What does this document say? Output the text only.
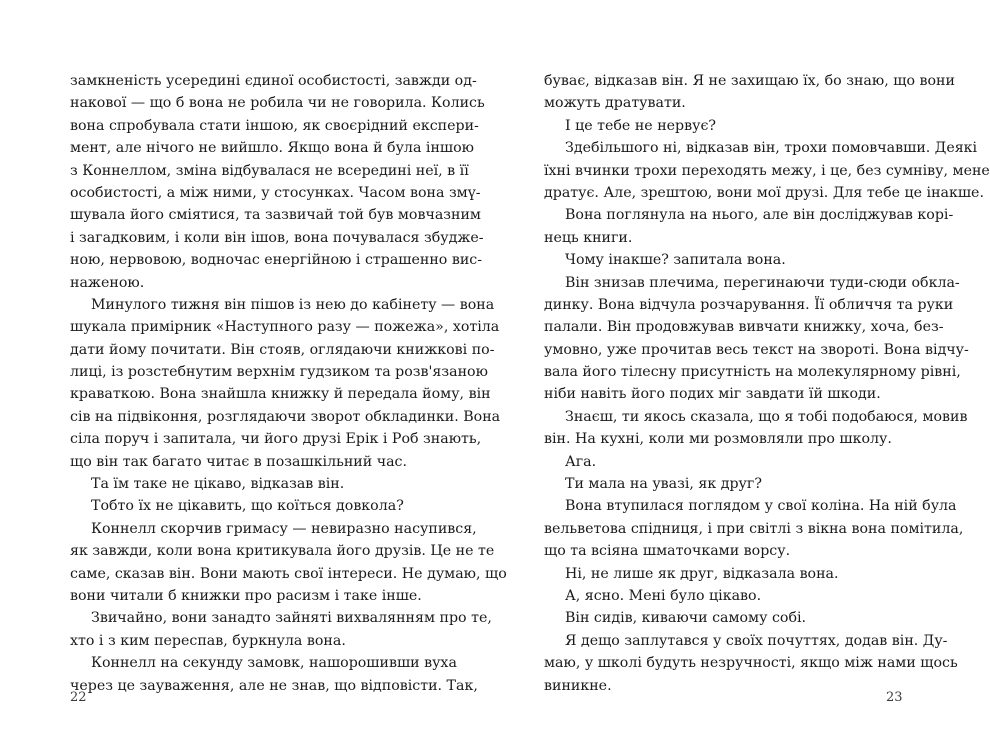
замкненість усередині єдиної особистості, завжди од-
накової — що б вона не робила чи не говорила. Колись
вона спробувала стати іншою, як своєрідний експери-
мент, але нічого не вийшло. Якщо вона й була іншою
з Коннеллом, зміна відбувалася не всередині неї, в її
особистості, а між ними, у стосунках. Часом вона змү-
шувала його сміятися, та зазвичай той був мовчазним
і загадковим, і коли він ішов, вона почувалася збудже-
ною, нервовою, водночас енергійною і страшенно вис-
наженою.
Минулого тижня він пішов із нею до кабінету — вона
шукала примірник «Наступного разу — пожежа», хотіла
дати йому почитати. Він стояв, оглядаючи книжкові по-
лиці, із розстебнутим верхнім гудзиком та розв'язаною
краваткою. Вона знайшла книжку й передала йому, він
сів на підвіконня, розглядаючи зворот обкладинки. Вона
сіла поруч і запитала, чи його друзі Ерік і Роб знають,
що він так багато читає в позашкільний час.
Та їм таке не цікаво, відказав він.
Тобто їх не цікавить, що коїться довкола?
Коннелл скорчив гримасу — невиразно насупився,
як завжди, коли вона критикувала його друзів. Це не те
саме, сказав він. Вони мають свої інтереси. Не думаю, що
вони читали б книжки про расизм і таке інше.
Звичайно, вони занадто зайняті вихвалянням про те,
хто і з ким переспав, буркнула вона.
Коннелл на секунду замовк, нашорошивши вуха
через це зауваження, але не знав, що відповісти. Так,
буває, відказав він. Я не захищаю їх, бо знаю, що вони
можуть дратувати.
І це тебе не нервує?
Здебільшого ні, відказав він, трохи помовчавши. Деякі
їхні вчинки трохи переходять межу, і це, без сумніву, мене
дратує. Але, зрештою, вони мої друзі. Для тебе це інакше.
Вона поглянула на нього, але він досліджував корі-
нець книги.
Чому інакше? запитала вона.
Він знизав плечима, перегинаючи туди-сюди обкла-
динку. Вона відчула розчарування. Її обличчя та руки
палали. Він продовжував вивчати книжку, хоча, без-
умовно, уже прочитав весь текст на звороті. Вона відчу-
вала його тілесну присутність на молекулярному рівні,
ніби навіть його подих міг завдати їй шкоди.
Знаєш, ти якось сказала, що я тобі подобаюся, мовив
він. На кухні, коли ми розмовляли про школу.
Ага.
Ти мала на увазі, як друг?
Вона втупилася поглядом у свої коліна. На ній була
вельветова спідниця, і при світлі з вікна вона помітила,
що та всіяна шматочками ворсу.
Ні, не лише як друг, відказала вона.
А, ясно. Мені було цікаво.
Він сидів, киваючи самому собі.
Я дещо заплутався у своїх почуттях, додав він. Ду-
маю, у школі будуть незручності, якщо між нами щось
виникне.
22	23
